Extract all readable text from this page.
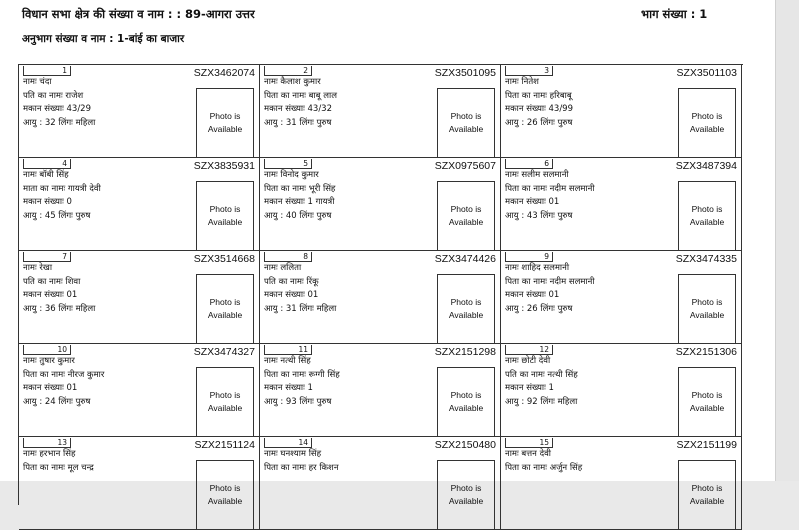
विधान सभा क्षेत्र की संख्या व नाम : : 89-आगरा उत्तर	भाग संख्या : 1
अनुभाग संख्या व नाम : 1-बांई का बाजार
1	SZX3462074
नामः चंदा
पति का नामः राजेश
मकान संख्याः 43/29
आयु : 32 लिंगः महिला
Photo is Available
2	SZX3501095
नामः कैलाश कुमार
पिता का नामः बाबू लाल
मकान संख्याः 43/32
आयु : 31 लिंगः पुरुष
Photo is Available
3	SZX3501103
नामः नितेश
पिता का नामः हरिबाबू
मकान संख्याः 43/99
आयु : 26 लिंगः पुरुष
Photo is Available
4	SZX3835931
नामः बॉबी सिंह
माता का नामः गायत्री देवी
मकान संख्याः 0
आयु : 45 लिंगः पुरुष
Photo is Available
5	SZX0975607
नामः विनोद कुमार
पिता का नामः भूरी सिंह
मकान संख्याः 1 गायत्री
आयु : 40 लिंगः पुरुष
Photo is Available
6	SZX3487394
नामः सलीम सलमानी
पिता का नामः नदीम सलमानी
मकान संख्याः 01
आयु : 43 लिंगः पुरुष
Photo is Available
7	SZX3514668
नामः रेखा
पति का नामः शिवा
मकान संख्याः 01
आयु : 36 लिंगः महिला
Photo is Available
8	SZX3474426
नामः ललिता
पति का नामः रिंकू
मकान संख्याः 01
आयु : 31 लिंगः महिला
Photo is Available
9	SZX3474335
नामः शाहिद सलमानी
पिता का नामः नदीम सलमानी
मकान संख्याः 01
आयु : 26 लिंगः पुरुष
Photo is Available
10	SZX3474327
नामः तुषार कुमार
पिता का नामः नीरज कुमार
मकान संख्याः 01
आयु : 24 लिंगः पुरुष
Photo is Available
11	SZX2151298
नामः नत्थी सिंह
पिता का नामः रूग्गी सिंह
मकान संख्याः 1
आयु : 93 लिंगः पुरुष
Photo is Available
12	SZX2151306
नामः छोटी देवी
पति का नामः नत्थी सिंह
मकान संख्याः 1
आयु : 92 लिंगः महिला
Photo is Available
13	SZX2151124
नामः हरभान सिंह
पिता का नामः मूल चन्द्र
Photo is Available
14	SZX2150480
नामः घनश्याम सिंह
पिता का नामः हर किशन
Photo is Available
15	SZX2151199
नामः बत्तन देवी
पिता का नामः अर्जुन सिंह
Photo is Available
